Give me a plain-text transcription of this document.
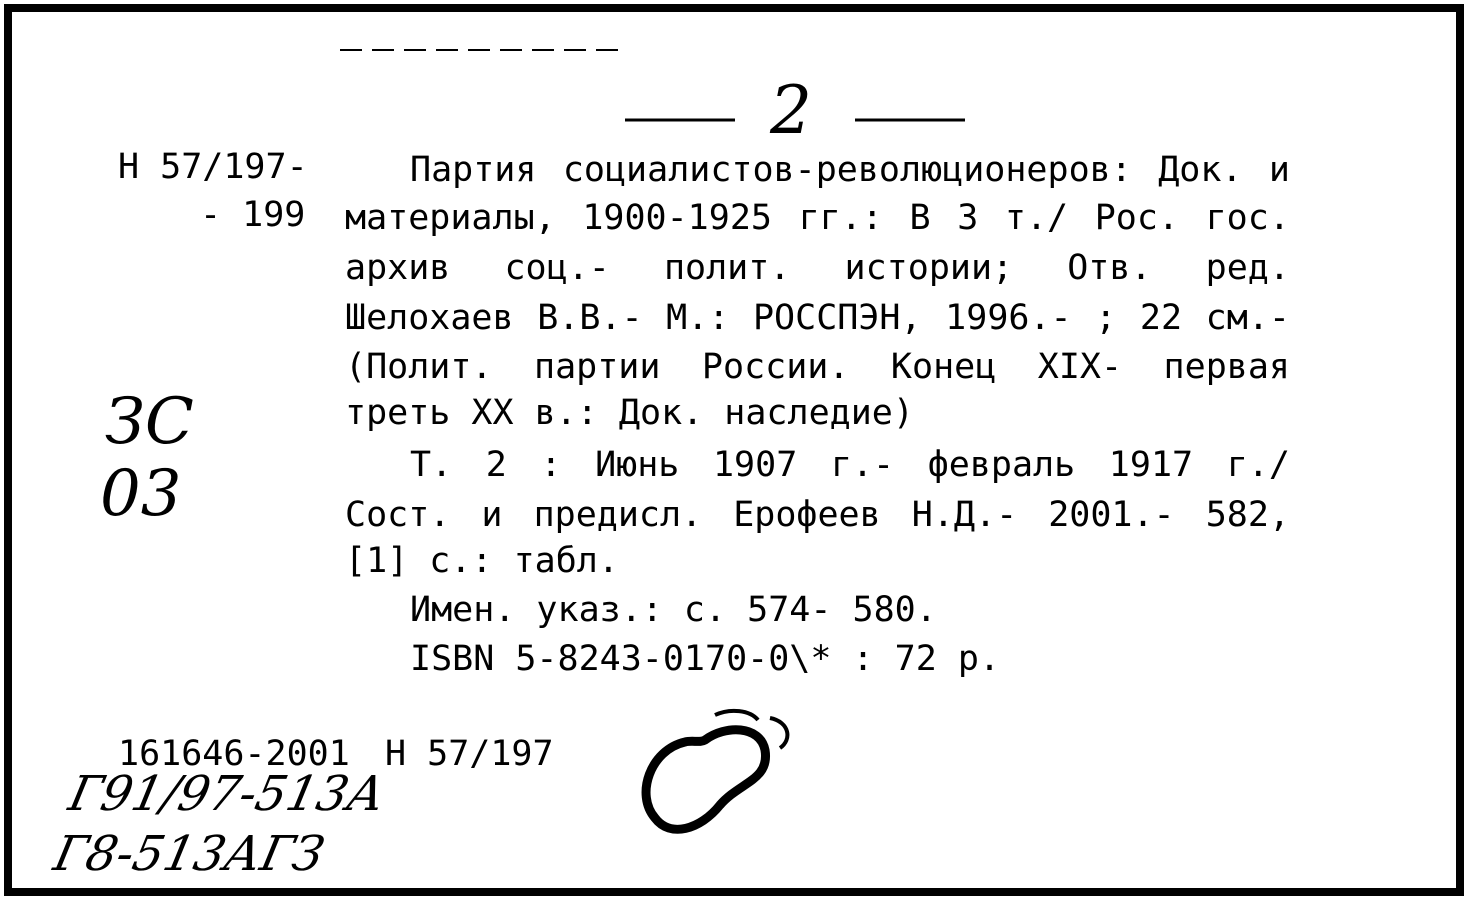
2
Н 57/197-
- 199
ЗС
03
Партия социалистов-революционеров: Док. и
материалы, 1900-1925 гг.: В 3 т./ Рос. гос.
архив соц.- полит. истории; Отв. ред.
Шелохаев В.В.- М.: РОССПЭН, 1996.- ; 22 см.-
(Полит. партии России. Конец XIX- первая
треть XX в.: Док. наследие)
Т. 2 : Июнь 1907 г.- февраль 1917 г./
Сост. и предисл. Ерофеев Н.Д.- 2001.- 582,
[1] с.: табл.
Имен. указ.: с. 574- 580.
ISBN 5-8243-0170-0\* : 72 р.
161646-2001 Н 57/197
Г91/97-513А
Г8-513АГЗ
